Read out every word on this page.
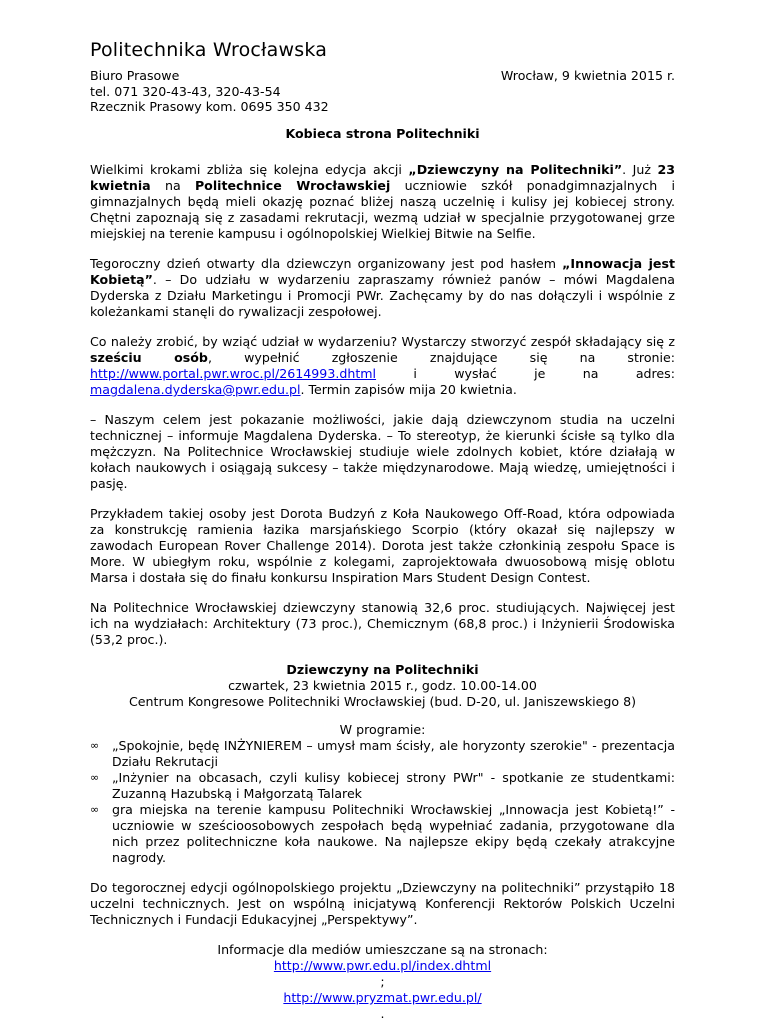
Politechnika Wrocławska
Biuro Prasowe
tel. 071 320-43-43, 320-43-54
Rzecznik Prasowy kom. 0695 350 432
Wrocław, 9 kwietnia 2015 r.
Kobieca strona Politechniki

Wielkimi krokami zbliża się kolejna edycja akcji „Dziewczyny na Politechniki”. Już 23 kwietnia na Politechnice Wrocławskiej uczniowie szkół ponadgimnazjalnych i gimnazjalnych będą mieli okazję poznać bliżej naszą uczelnię i kulisy jej kobiecej strony. Chętni zapoznają się z zasadami rekrutacji, wezmą udział w specjalnie przygotowanej grze miejskiej na terenie kampusu i ogólnopolskiej Wielkiej Bitwie na Selfie.

Tegoroczny dzień otwarty dla dziewczyn organizowany jest pod hasłem „Innowacja jest Kobietą”. – Do udziału w wydarzeniu zapraszamy również panów – mówi Magdalena Dyderska z Działu Marketingu i Promocji PWr. Zachęcamy by do nas dołączyli i wspólnie z koleżankami stanęli do rywalizacji zespołowej.

Co należy zrobić, by wziąć udział w wydarzeniu? Wystarczy stworzyć zespół składający się z sześciu osób, wypełnić zgłoszenie znajdujące się na stronie: http://www.portal.pwr.wroc.pl/2614993.dhtml i wysłać je na adres: magdalena.dyderska@pwr.edu.pl. Termin zapisów mija 20 kwietnia.

– Naszym celem jest pokazanie możliwości, jakie dają dziewczynom studia na uczelni technicznej – informuje Magdalena Dyderska. – To stereotyp, że kierunki ścisłe są tylko dla mężczyzn. Na Politechnice Wrocławskiej studiuje wiele zdolnych kobiet, które działają w kołach naukowych i osiągają sukcesy – także międzynarodowe. Mają wiedzę, umiejętności i pasję.

Przykładem takiej osoby jest Dorota Budzyń z Koła Naukowego Off-Road, która odpowiada za konstrukcję ramienia łazika marsjańskiego Scorpio (który okazał się najlepszy w zawodach European Rover Challenge 2014). Dorota jest także członkinią zespołu Space is More. W ubiegłym roku, wspólnie z kolegami, zaprojektowała dwuosobową misję oblotu Marsa i dostała się do finału konkursu Inspiration Mars Student Design Contest.

Na Politechnice Wrocławskiej dziewczyny stanowią 32,6 proc. studiujących. Najwięcej jest ich na wydziałach: Architektury (73 proc.), Chemicznym (68,8 proc.) i Inżynierii Środowiska (53,2 proc.).

Dziewczyny na Politechniki
czwartek, 23 kwietnia 2015 r., godz. 10.00-14.00
Centrum Kongresowe Politechniki Wrocławskiej (bud. D-20, ul. Janiszewskiego 8)
W programie:
∞ „Spokojnie, będę INŻYNIEREM – umysł mam ścisły, ale horyzonty szerokie" - prezentacja Działu Rekrutacji
∞ „Inżynier na obcasach, czyli kulisy kobiecej strony PWr" - spotkanie ze studentkami: Zuzanną Hazubską i Małgorzatą Talarek
∞ gra miejska na terenie kampusu Politechniki Wrocławskiej „Innowacja jest Kobietą!” - uczniowie w sześcioosobowych zespołach będą wypełniać zadania, przygotowane dla nich przez politechniczne koła naukowe. Na najlepsze ekipy będą czekały atrakcyjne nagrody.

Do tegorocznej edycji ogólnopolskiego projektu „Dziewczyny na politechniki” przystąpiło 18 uczelni technicznych. Jest on wspólną inicjatywą Konferencji Rektorów Polskich Uczelni Technicznych i Fundacji Edukacyjnej „Perspektywy”.

Informacje dla mediów umieszczane są na stronach:
http://www.pwr.edu.pl/index.dhtml
;
http://www.pryzmat.pwr.edu.pl/
.
